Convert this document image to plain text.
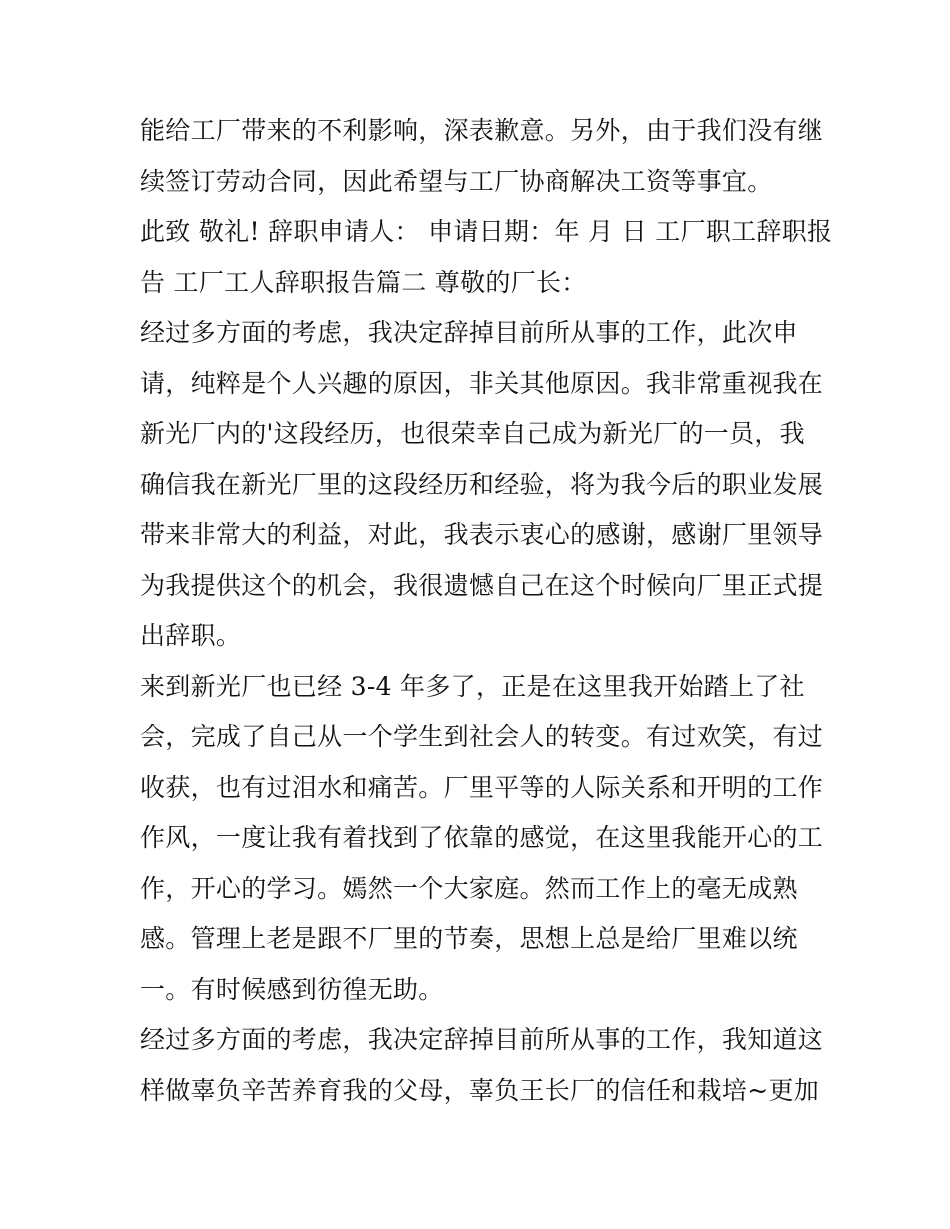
能给工厂带来的不利影响，深表歉意。另外，由于我们没有继
续签订劳动合同，因此希望与工厂协商解决工资等事宜。
此致 敬礼! 辞职申请人： 申请日期：年 月 日 工厂职工辞职报
告 工厂工人辞职报告篇二 尊敬的厂长：
经过多方面的考虑，我决定辞掉目前所从事的工作，此次申
请，纯粹是个人兴趣的原因，非关其他原因。我非常重视我在
新光厂内的'这段经历，也很荣幸自己成为新光厂的一员，我
确信我在新光厂里的这段经历和经验，将为我今后的职业发展
带来非常大的利益，对此，我表示衷心的感谢，感谢厂里领导
为我提供这个的机会，我很遗憾自己在这个时候向厂里正式提
出辞职。
来到新光厂也已经 3-4 年多了，正是在这里我开始踏上了社
会，完成了自己从一个学生到社会人的转变。有过欢笑，有过
收获，也有过泪水和痛苦。厂里平等的人际关系和开明的工作
作风，一度让我有着找到了依靠的感觉，在这里我能开心的工
作，开心的学习。嫣然一个大家庭。然而工作上的毫无成熟
感。管理上老是跟不厂里的节奏，思想上总是给厂里难以统
一。有时候感到彷徨无助。
经过多方面的考虑，我决定辞掉目前所从事的工作，我知道这
样做辜负辛苦养育我的父母，辜负王长厂的信任和栽培~更加
